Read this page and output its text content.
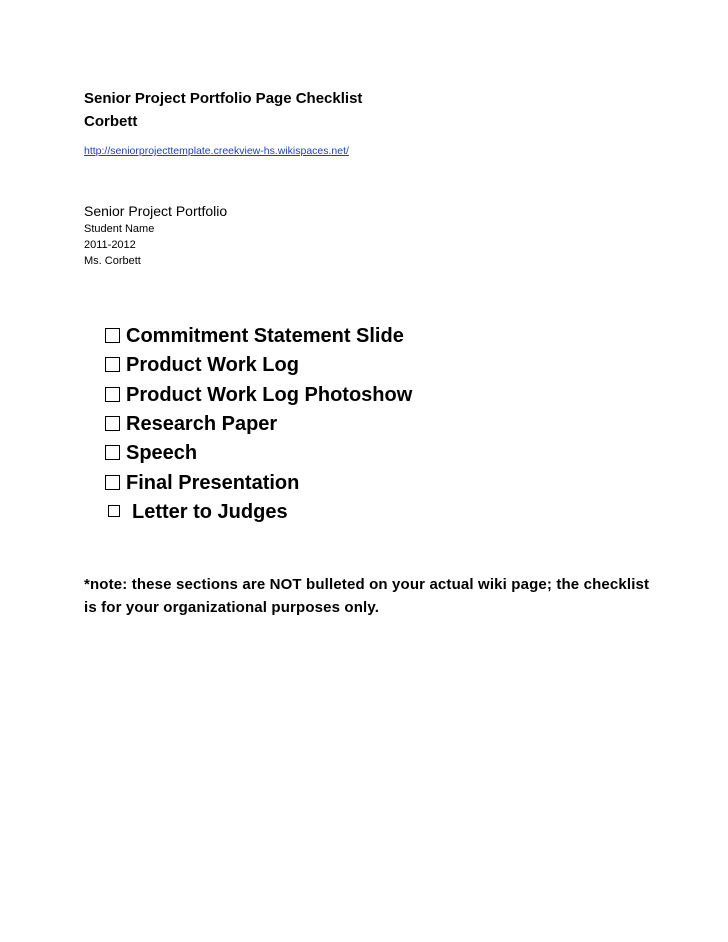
Senior Project Portfolio Page Checklist
Corbett
http://seniorprojecttemplate.creekview-hs.wikispaces.net/
Senior Project Portfolio
Student Name
2011-2012
Ms. Corbett
Commitment Statement Slide
Product Work Log
Product Work Log Photoshow
Research Paper
Speech
Final Presentation
Letter to Judges
*note: these sections are NOT bulleted on your actual wiki page; the checklist is for your organizational purposes only.
